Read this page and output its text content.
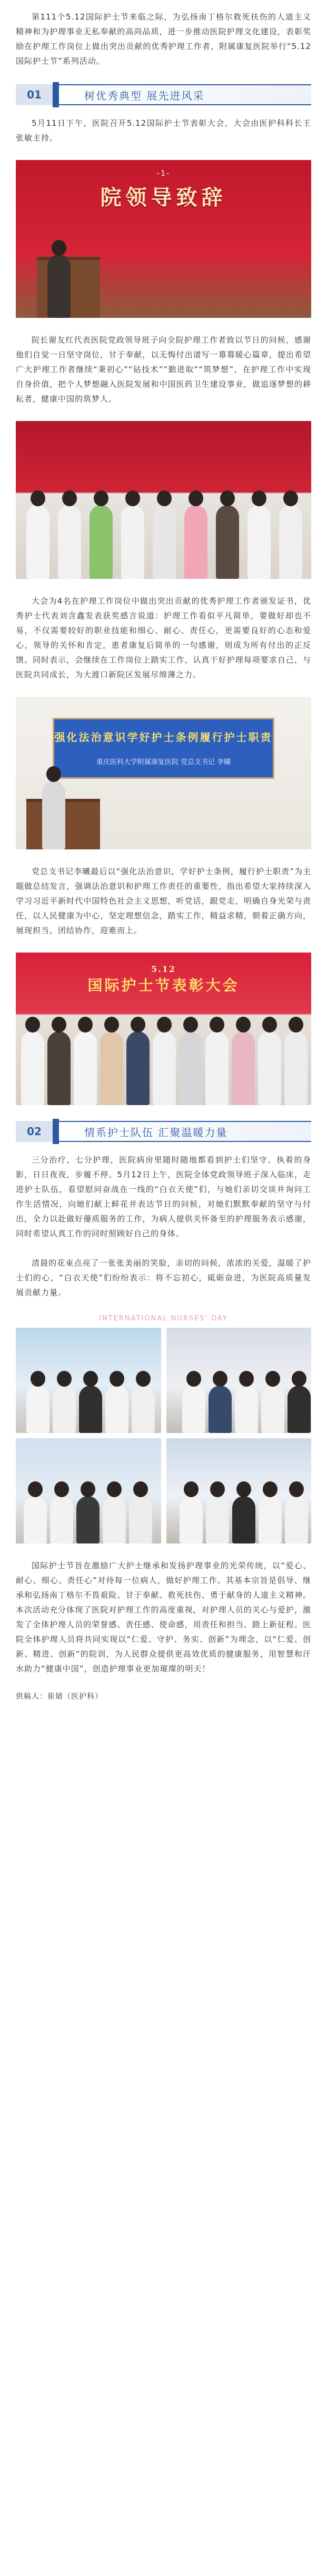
第111个5.12国际护士节来临之际，为弘扬南丁格尔救死扶伤的人道主义精神和为护理事业无私奉献的高尚品质，进一步推动医院护理文化建设，表彰奖励在护理工作岗位上做出突出贡献的优秀护理工作者，附属康复医院举行“5.12国际护士节”系列活动。

01	树优秀典型 展先进风采

5月11日下午，医院召开5.12国际护士节表彰大会，大会由医护科科长王张敏主持。

-1-
院领导致辞

院长谢友红代表医院党政领导班子向全院护理工作者致以节日的问候，感谢他们自觉一日坚守岗位，甘于奉献，以无悔付出谱写一幕幕暖心篇章，提出希望广大护理工作者继续“秉初心”“钻技术”“勤进取”“筑梦想”，在护理工作中实现自身价值，把个人梦想融入医院发展和中国医药卫生建设事业，做追逐梦想的耕耘者，健康中国的筑梦人。

大会为4名在护理工作岗位中做出突出贡献的优秀护理工作者颁发证书，优秀护士代表刘含鑫发表获奖感言说道：护理工作看似平凡简单，要做好却也不易，不仅需要较好的职业技能和细心、耐心、责任心，更需要良好的心态和爱心，领导的关怀和肯定，患者康复后简单的一句感谢，则成为所有付出的正反馈。同时表示，会继续在工作岗位上踏实工作，认真干好护理每项要求自己，与医院共同成长，为大渡口新院区发展尽绵薄之力。

强化法治意识学好护士条例履行护士职责
重庆医科大学附属康复医院 党总支书记 李曦

党总支书记李曦最后以“强化法治意识，学好护士条例，履行护士职责”为主题做总结发言，强调法治意识和护理工作责任的重要性，指出希望大家持续深入学习习近平新时代中国特色社会主义思想，听党话，跟党走，明确自身光荣与责任，以人民健康为中心，坚定理想信念，踏实工作，精益求精，朝着正确方向，展现担当，团结协作，迎难而上。

5.12
国际护士节表彰大会
02	情系护士队伍 汇聚温暖力量

三分治疗，七分护理，医院病房里随时随地都看到护士们坚守、执着的身影，日日夜夜，步履不停。5月12日上午，医院全体党政领导班子深入临床，走进护士队伍，看望慰问奋战在一线的“白衣天使”们，与她们亲切交谈并询问工作生活情况，向她们献上鲜花并表达节日的问候，对她们默默奉献的坚守与付出，全力以赴做好優质服务的工作，为病人提供关怀备至的护理服务表示感谢，同时希望认真工作的同时照顾好自己的身体。

清晨的花束点亮了一张张美丽的笑脸，亲切的问候，浓浓的关爱，温暖了护士们的心，“白衣天使”们纷纷表示：将不忘初心，砥砺奋进，为医院高质量发展贡献力量。

INTERNATIONAL NURSES' DAY

国际护士节旨在激励广大护士继承和发扬护理事业的光荣传统，以“爱心、耐心、细心、责任心”对待每一位病人，做好护理工作。其基本宗旨是倡导、继承和弘扬南丁格尔不畏艰险、甘于奉献、救死扶伤、勇于献身的人道主义精神。本次活动充分体现了医院对护理工作的高度重视，对护理人员的关心与爱护，激发了全体护理人员的荣誉感、责任感、使命感，用责任和担当、踏上新征程。医院全体护理人员将共同实现以“仁爱、守护、务实、创新”为理念，以“仁爱、创新、精进、创新”的院训，为人民群众提供更高效优质的健康服务，用智慧和汗水助力“健康中国”，创造护理事业更加璀璨的明天！

供稿人：崔婧（医护科）
